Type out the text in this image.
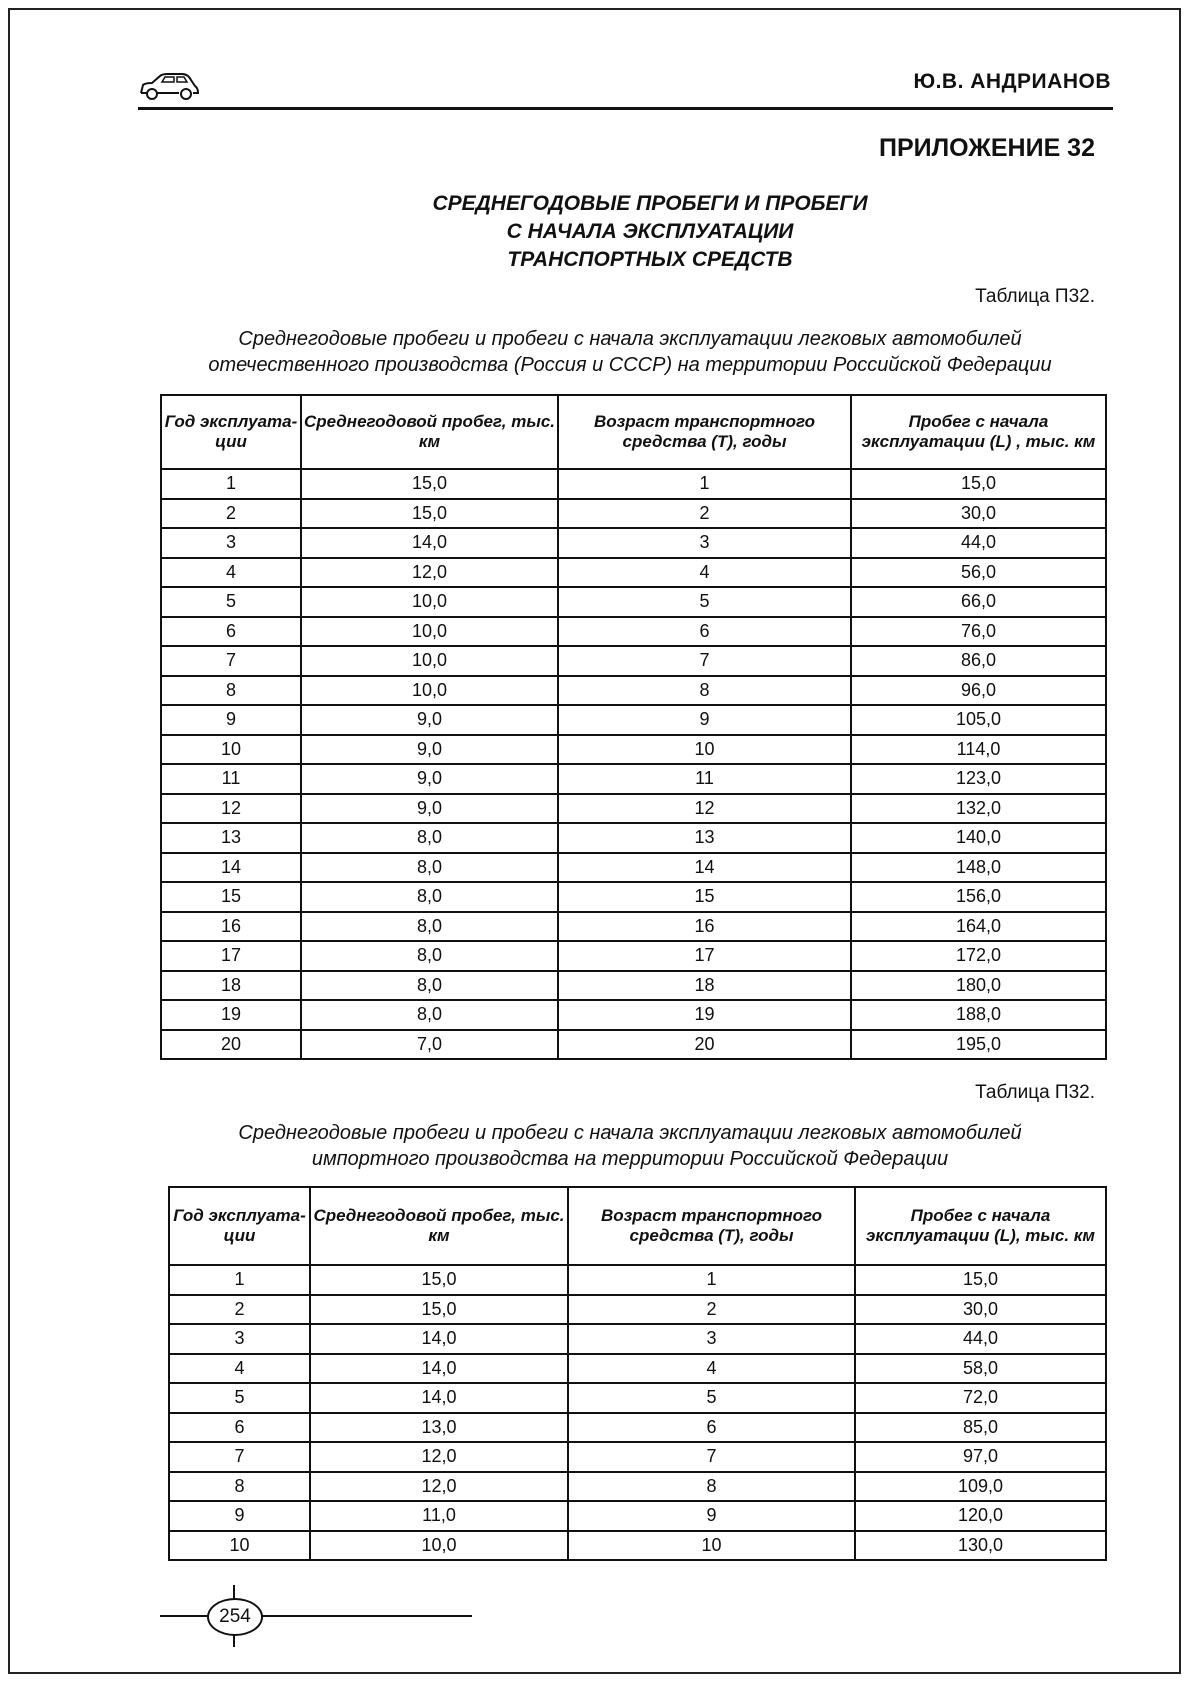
Ю.В. АНДРИАНОВ
ПРИЛОЖЕНИЕ 32
СРЕДНЕГОДОВЫЕ ПРОБЕГИ И ПРОБЕГИ
С НАЧАЛА ЭКСПЛУАТАЦИИ
ТРАНСПОРТНЫХ СРЕДСТВ
Таблица П32.
Среднегодовые пробеги и пробеги с начала эксплуатации легковых автомобилей
отечественного производства (Россия и СССР) на территории Российской Федерации
Год эксплуата-ции	Среднегодовой пробег, тыс. км	Возраст транспортного средства (Т), годы	Пробег с начала эксплуатации (L) , тыс. км
1	15,0	1	15,0
2	15,0	2	30,0
3	14,0	3	44,0
4	12,0	4	56,0
5	10,0	5	66,0
6	10,0	6	76,0
7	10,0	7	86,0
8	10,0	8	96,0
9	9,0	9	105,0
10	9,0	10	114,0
11	9,0	11	123,0
12	9,0	12	132,0
13	8,0	13	140,0
14	8,0	14	148,0
15	8,0	15	156,0
16	8,0	16	164,0
17	8,0	17	172,0
18	8,0	18	180,0
19	8,0	19	188,0
20	7,0	20	195,0
Таблица П32.
Среднегодовые пробеги и пробеги с начала эксплуатации легковых автомобилей
импортного производства на территории Российской Федерации
Год эксплуата-ции	Среднегодовой пробег, тыс. км	Возраст транспортного средства (Т), годы	Пробег с начала эксплуатации (L), тыс. км
1	15,0	1	15,0
2	15,0	2	30,0
3	14,0	3	44,0
4	14,0	4	58,0
5	14,0	5	72,0
6	13,0	6	85,0
7	12,0	7	97,0
8	12,0	8	109,0
9	11,0	9	120,0
10	10,0	10	130,0
254
